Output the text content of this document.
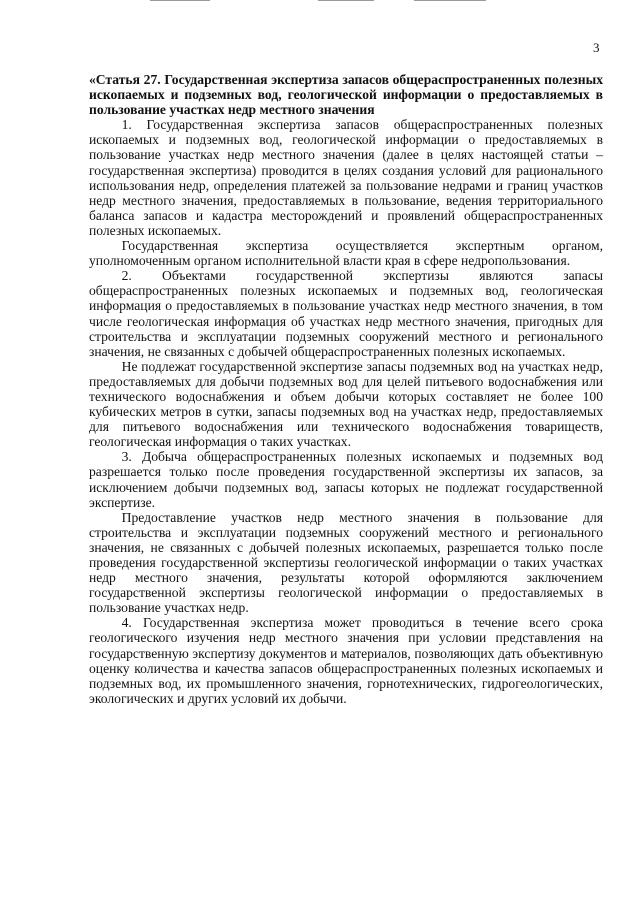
3

«Статья 27. Государственная экспертиза запасов общераспространенных полезных ископаемых и подземных вод, геологической информации о предоставляемых в пользование участках недр местного значения

1. Государственная экспертиза запасов общераспространенных полезных ископаемых и подземных вод, геологической информации о предоставляемых в пользование участках недр местного значения (далее в целях настоящей статьи – государственная экспертиза) проводится в целях создания условий для рационального использования недр, определения платежей за пользование недрами и границ участков недр местного значения, предоставляемых в пользование, ведения территориального баланса запасов и кадастра месторождений и проявлений общераспространенных полезных ископаемых.

Государственная экспертиза осуществляется экспертным органом, уполномоченным органом исполнительной власти края в сфере недропользования.

2. Объектами государственной экспертизы являются запасы общераспространенных полезных ископаемых и подземных вод, геологическая информация о предоставляемых в пользование участках недр местного значения, в том числе геологическая информация об участках недр местного значения, пригодных для строительства и эксплуатации подземных сооружений местного и регионального значения, не связанных с добычей общераспространенных полезных ископаемых.

Не подлежат государственной экспертизе запасы подземных вод на участках недр, предоставляемых для добычи подземных вод для целей питьевого водоснабжения или технического водоснабжения и объем добычи которых составляет не более 100 кубических метров в сутки, запасы подземных вод на участках недр, предоставляемых для питьевого водоснабжения или технического водоснабжения товариществ, геологическая информация о таких участках.

3. Добыча общераспространенных полезных ископаемых и подземных вод разрешается только после проведения государственной экспертизы их запасов, за исключением добычи подземных вод, запасы которых не подлежат государственной экспертизе.

Предоставление участков недр местного значения в пользование для строительства и эксплуатации подземных сооружений местного и регионального значения, не связанных с добычей полезных ископаемых, разрешается только после проведения государственной экспертизы геологической информации о таких участках недр местного значения, результаты которой оформляются заключением государственной экспертизы геологической информации о предоставляемых в пользование участках недр.

4. Государственная экспертиза может проводиться в течение всего срока геологического изучения недр местного значения при условии представления на государственную экспертизу документов и материалов, позволяющих дать объективную оценку количества и качества запасов общераспространенных полезных ископаемых и подземных вод, их промышленного значения, горнотехнических, гидрогеологических, экологических и других условий их добычи.
